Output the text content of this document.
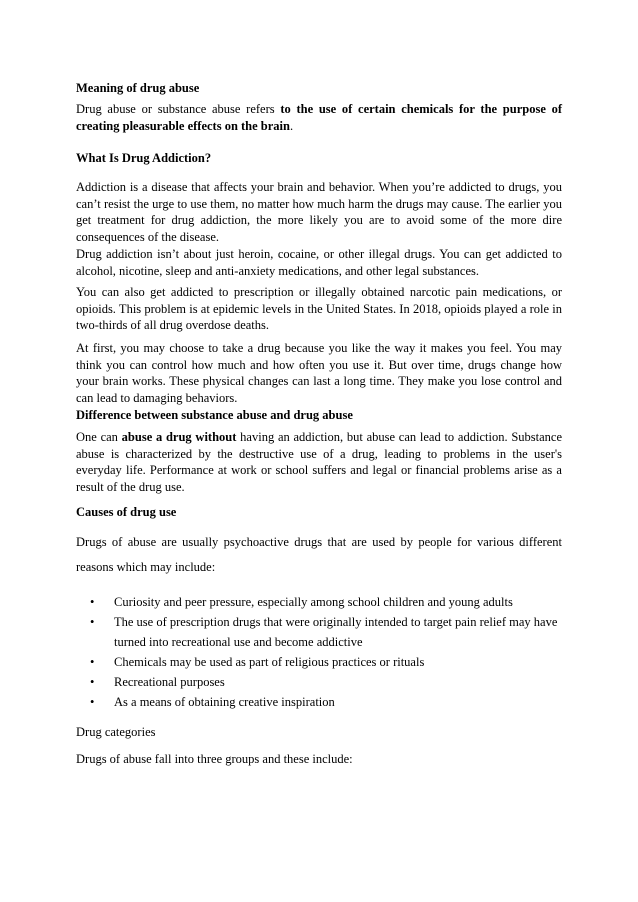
Meaning of drug abuse

Drug abuse or substance abuse refers to the use of certain chemicals for the purpose of creating pleasurable effects on the brain.

What Is Drug Addiction?

Addiction is a disease that affects your brain and behavior. When you’re addicted to drugs, you can’t resist the urge to use them, no matter how much harm the drugs may cause. The earlier you get treatment for drug addiction, the more likely you are to avoid some of the more dire consequences of the disease.

Drug addiction isn’t about just heroin, cocaine, or other illegal drugs. You can get addicted to alcohol, nicotine, sleep and anti-anxiety medications, and other legal substances.

You can also get addicted to prescription or illegally obtained narcotic pain medications, or opioids. This problem is at epidemic levels in the United States. In 2018, opioids played a role in two-thirds of all drug overdose deaths.

At first, you may choose to take a drug because you like the way it makes you feel. You may think you can control how much and how often you use it. But over time, drugs change how your brain works. These physical changes can last a long time. They make you lose control and can lead to damaging behaviors.

Difference between substance abuse and drug abuse

One can abuse a drug without having an addiction, but abuse can lead to addiction. Substance abuse is characterized by the destructive use of a drug, leading to problems in the user's everyday life. Performance at work or school suffers and legal or financial problems arise as a result of the drug use.

Causes of drug use

Drugs of abuse are usually psychoactive drugs that are used by people for various different reasons which may include:

• Curiosity and peer pressure, especially among school children and young adults
• The use of prescription drugs that were originally intended to target pain relief may have turned into recreational use and become addictive
• Chemicals may be used as part of religious practices or rituals
• Recreational purposes
• As a means of obtaining creative inspiration

Drug categories

Drugs of abuse fall into three groups and these include:
